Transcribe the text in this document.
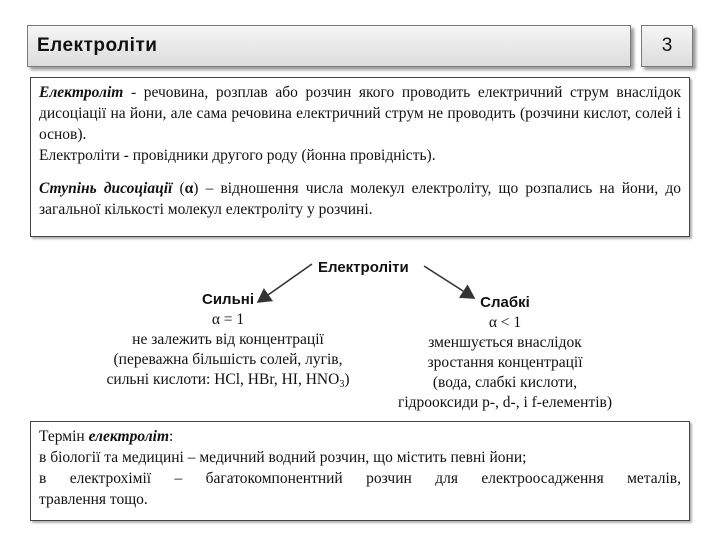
Електроліти	3

Електроліт - речовина, розплав або розчин якого проводить електричний струм внаслідок дисоціації на йони, але сама речовина електричний струм не проводить (розчини кислот, солей і основ).

Електроліти - провідники другого роду (йонна провідність).

Ступінь дисоціації (α) – відношення числа молекул електроліту, що розпались на йони, до загальної кількості молекул електроліту у розчині.

Електроліти
Сильні
α = 1
не залежить від концентрації
(переважна більшість солей, лугів,
сильні кислоти: HCl, HBr, HI, $HNO_3$)
Слабкі
α < 1
зменшується внаслідок
зростання концентрації
(вода, слабкі кислоти,
гідрооксиди р-, d-, і f-елементів)

Термін електроліт:

в біології та медицині – медичний водний розчин, що містить певні йони;

в електрохімії – багатокомпонентний розчин для електроосадження металів,

травлення тощо.
